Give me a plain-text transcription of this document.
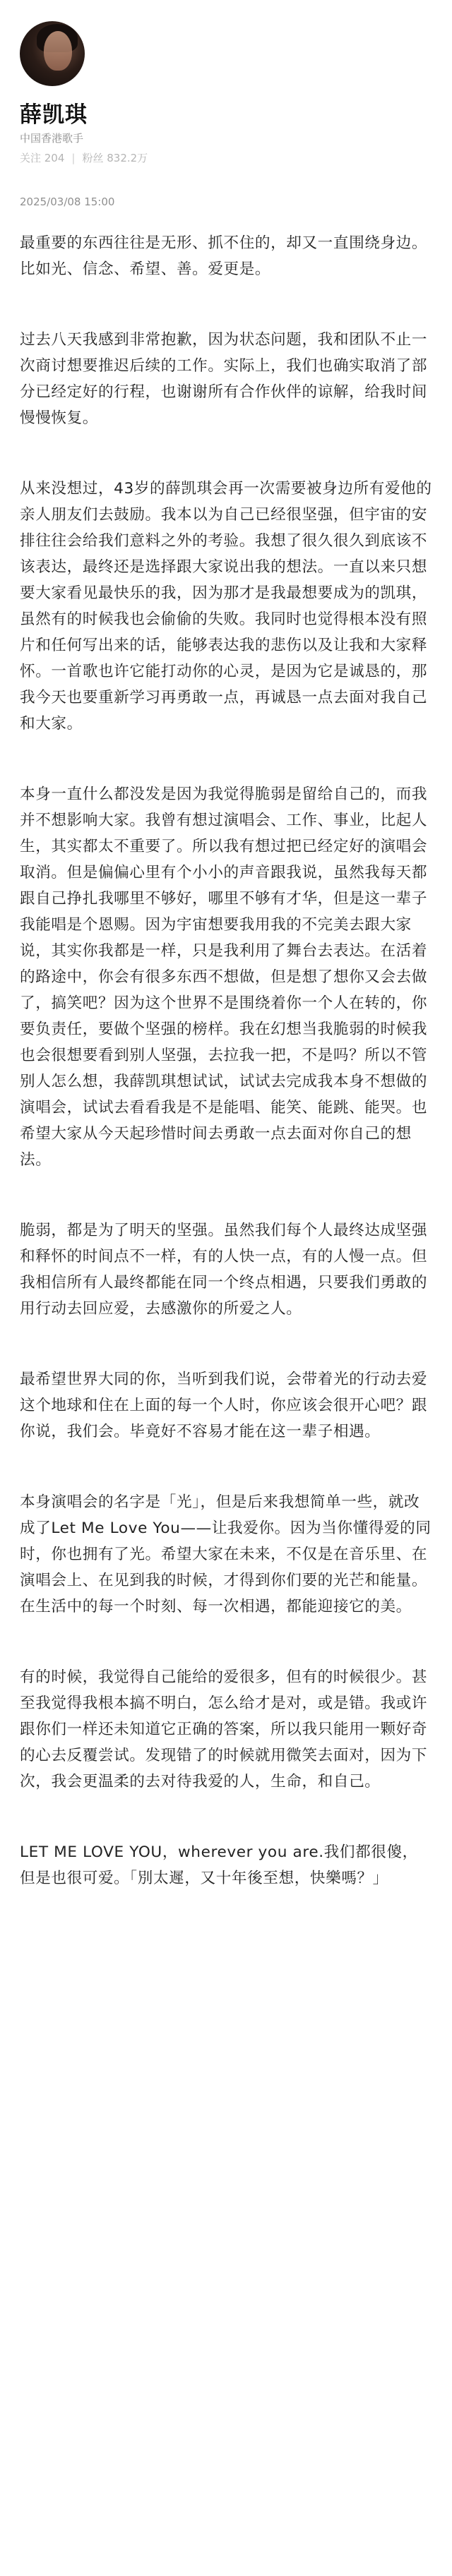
薛凯琪
中国香港歌手
关注 204 | 粉丝 832.2万
2025/03/08 15:00

最重要的东西往往是无形、抓不住的，却又一直围绕身边。比如光、信念、希望、善。爱更是。

过去八天我感到非常抱歉，因为状态问题，我和团队不止一次商讨想要推迟后续的工作。实际上，我们也确实取消了部分已经定好的行程，也谢谢所有合作伙伴的谅解，给我时间慢慢恢复。

从来没想过，43岁的薛凯琪会再一次需要被身边所有爱他的亲人朋友们去鼓励。我本以为自己已经很坚强，但宇宙的安排往往会给我们意料之外的考验。我想了很久很久到底该不该表达，最终还是选择跟大家说出我的想法。一直以来只想要大家看见最快乐的我，因为那才是我最想要成为的凯琪，虽然有的时候我也会偷偷的失败。我同时也觉得根本没有照片和任何写出来的话，能够表达我的悲伤以及让我和大家释怀。一首歌也许它能打动你的心灵，是因为它是诚恳的，那我今天也要重新学习再勇敢一点，再诚恳一点去面对我自己和大家。

本身一直什么都没发是因为我觉得脆弱是留给自己的，而我并不想影响大家。我曾有想过演唱会、工作、事业，比起人生，其实都太不重要了。所以我有想过把已经定好的演唱会取消。但是偏偏心里有个小小的声音跟我说，虽然我每天都跟自己挣扎我哪里不够好，哪里不够有才华，但是这一辈子我能唱是个恩赐。因为宇宙想要我用我的不完美去跟大家说，其实你我都是一样，只是我利用了舞台去表达。在活着的路途中，你会有很多东西不想做，但是想了想你又会去做了，搞笑吧？因为这个世界不是围绕着你一个人在转的，你要负责任，要做个坚强的榜样。我在幻想当我脆弱的时候我也会很想要看到别人坚强，去拉我一把，不是吗？所以不管别人怎么想，我薛凯琪想试试，试试去完成我本身不想做的演唱会，试试去看看我是不是能唱、能笑、能跳、能哭。也希望大家从今天起珍惜时间去勇敢一点去面对你自己的想法。

脆弱，都是为了明天的坚强。虽然我们每个人最终达成坚强和释怀的时间点不一样，有的人快一点，有的人慢一点。但我相信所有人最终都能在同一个终点相遇，只要我们勇敢的用行动去回应爱，去感激你的所爱之人。

最希望世界大同的你，当听到我们说，会带着光的行动去爱这个地球和住在上面的每一个人时，你应该会很开心吧？跟你说，我们会。毕竟好不容易才能在这一辈子相遇。

本身演唱会的名字是「光」，但是后来我想简单一些，就改成了Let Me Love You——让我爱你。因为当你懂得爱的同时，你也拥有了光。希望大家在未来，不仅是在音乐里、在演唱会上、在见到我的时候，才得到你们要的光芒和能量。在生活中的每一个时刻、每一次相遇，都能迎接它的美。

有的时候，我觉得自己能给的爱很多，但有的时候很少。甚至我觉得我根本搞不明白，怎么给才是对，或是错。我或许跟你们一样还未知道它正确的答案，所以我只能用一颗好奇的心去反覆尝试。发现错了的时候就用微笑去面对，因为下次，我会更温柔的去对待我爱的人，生命，和自己。

LET ME LOVE YOU，wherever you are.我们都很傻，但是也很可爱。「別太遲，又十年後至想，快樂嗎？」
